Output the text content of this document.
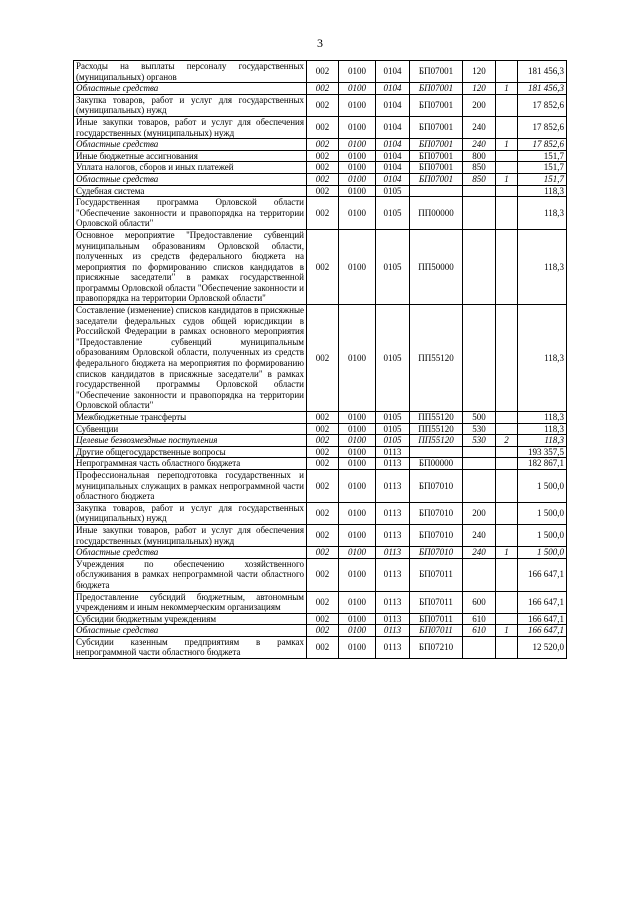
3
Расходы на выплаты персоналу государственных (муниципальных) органов	002	0100	0104	БП07001	120		181 456,3
Областные средства	002	0100	0104	БП07001	120	1	181 456,3
Закупка товаров, работ и услуг для государственных (муниципальных) нужд	002	0100	0104	БП07001	200		17 852,6
Иные закупки товаров, работ и услуг для обеспечения государственных (муниципальных) нужд	002	0100	0104	БП07001	240		17 852,6
Областные средства	002	0100	0104	БП07001	240	1	17 852,6
Иные бюджетные ассигнования	002	0100	0104	БП07001	800		151,7
Уплата налогов, сборов и иных платежей	002	0100	0104	БП07001	850		151,7
Областные средства	002	0100	0104	БП07001	850	1	151,7
Судебная система	002	0100	0105				118,3
Государственная программа Орловской области "Обеспечение законности и правопорядка на территории Орловской области"	002	0100	0105	ПП00000			118,3
Основное мероприятие "Предоставление субвенций муниципальным образованиям Орловской области, полученных из средств федерального бюджета на мероприятия по формированию списков кандидатов в присяжные заседатели" в рамках государственной программы Орловской области "Обеспечение законности и правопорядка на территории Орловской области"	002	0100	0105	ПП50000			118,3
Составление (изменение) списков кандидатов в присяжные заседатели федеральных судов общей юрисдикции в Российской Федерации в рамках основного мероприятия "Предоставление субвенций муниципальным образованиям Орловской области, полученных из средств федерального бюджета на мероприятия по формированию списков кандидатов в присяжные заседатели" в рамках государственной программы Орловской области "Обеспечение законности и правопорядка на территории Орловской области"	002	0100	0105	ПП55120			118,3
Межбюджетные трансферты	002	0100	0105	ПП55120	500		118,3
Субвенции	002	0100	0105	ПП55120	530		118,3
Целевые безвозмездные поступления	002	0100	0105	ПП55120	530	2	118,3
Другие общегосударственные вопросы	002	0100	0113				193 357,5
Непрограммная часть областного бюджета	002	0100	0113	БП00000			182 867,1
Профессиональная переподготовка государственных и муниципальных служащих в рамках непрограммной части областного бюджета	002	0100	0113	БП07010			1 500,0
Закупка товаров, работ и услуг для государственных (муниципальных) нужд	002	0100	0113	БП07010	200		1 500,0
Иные закупки товаров, работ и услуг для обеспечения государственных (муниципальных) нужд	002	0100	0113	БП07010	240		1 500,0
Областные средства	002	0100	0113	БП07010	240	1	1 500,0
Учреждения по обеспечению хозяйственного обслуживания в рамках непрограммной части областного бюджета	002	0100	0113	БП07011			166 647,1
Предоставление субсидий бюджетным, автономным учреждениям и иным некоммерческим организациям	002	0100	0113	БП07011	600		166 647,1
Субсидии бюджетным учреждениям	002	0100	0113	БП07011	610		166 647,1
Областные средства	002	0100	0113	БП07011	610	1	166 647,1
Субсидии казенным предприятиям в рамках непрограммной части областного бюджета	002	0100	0113	БП07210			12 520,0
